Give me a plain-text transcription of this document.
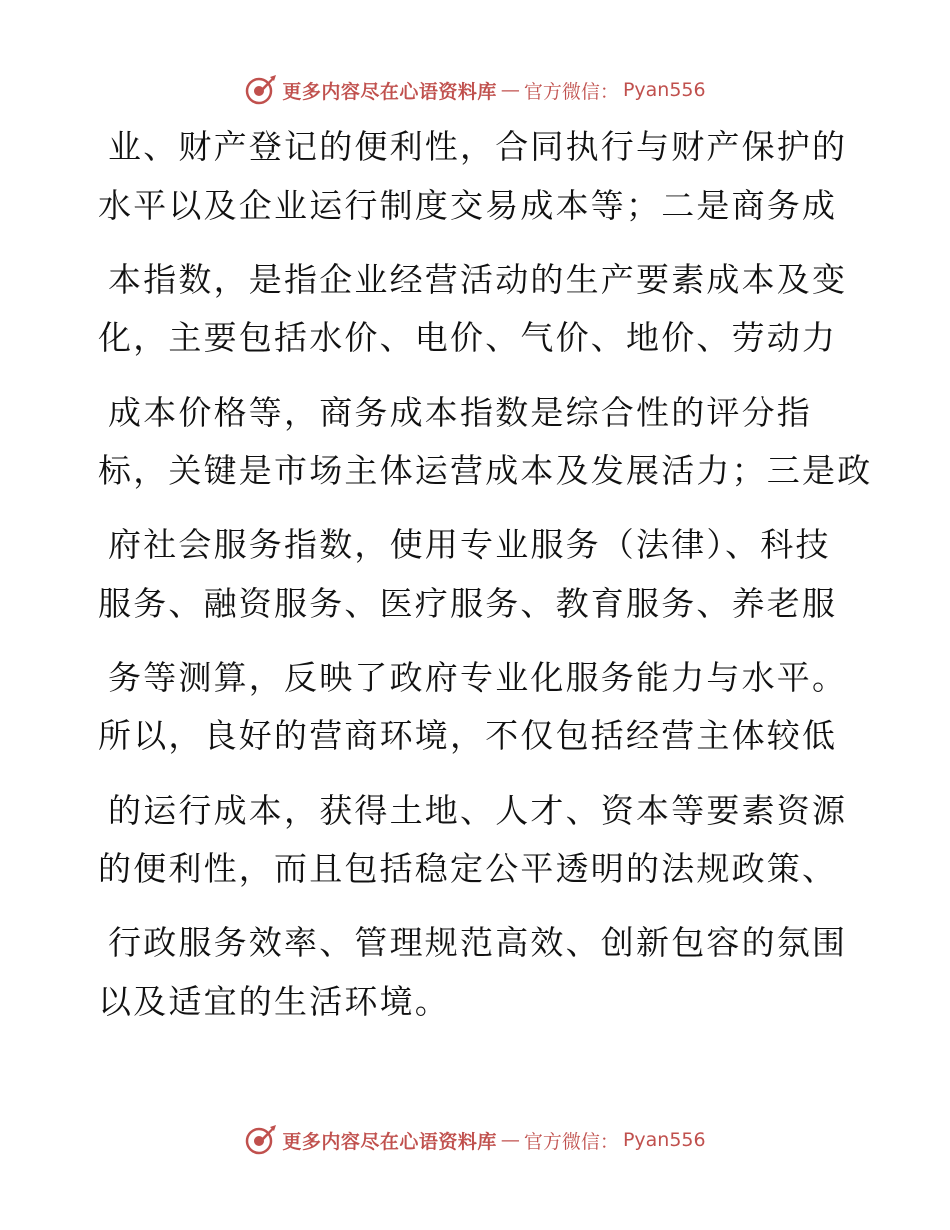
更多内容尽在心语资料库 — 官方微信： Pyan556
业、财产登记的便利性，合同执行与财产保护的
水平以及企业运行制度交易成本等；二是商务成
本指数，是指企业经营活动的生产要素成本及变
化，主要包括水价、电价、气价、地价、劳动力
成本价格等，商务成本指数是综合性的评分指
标，关键是市场主体运营成本及发展活力；三是政
府社会服务指数，使用专业服务（法律）、科技
服务、融资服务、医疗服务、教育服务、养老服
务等测算，反映了政府专业化服务能力与水平。
所以，良好的营商环境，不仅包括经营主体较低
的运行成本，获得土地、人才、资本等要素资源
的便利性，而且包括稳定公平透明的法规政策、
行政服务效率、管理规范高效、创新包容的氛围
以及适宜的生活环境。
更多内容尽在心语资料库 — 官方微信： Pyan556
